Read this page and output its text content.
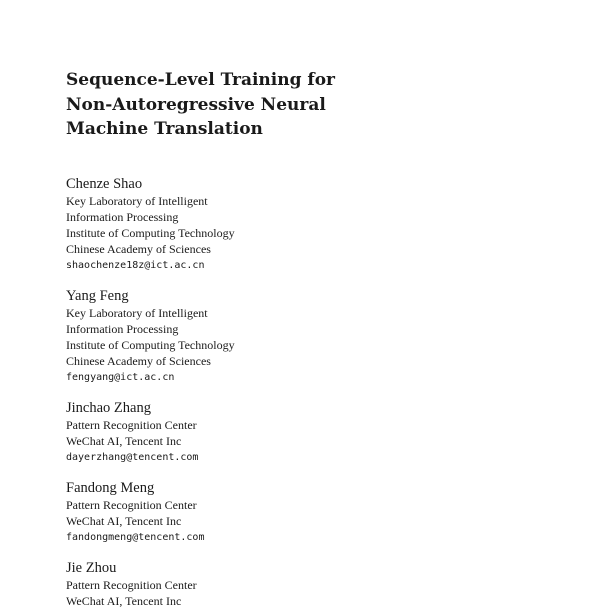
Sequence-Level Training for
Non-Autoregressive Neural
Machine Translation
Chenze Shao
Key Laboratory of Intelligent
Information Processing
Institute of Computing Technology
Chinese Academy of Sciences
shaochenze18z@ict.ac.cn
Yang Feng
Key Laboratory of Intelligent
Information Processing
Institute of Computing Technology
Chinese Academy of Sciences
fengyang@ict.ac.cn
Jinchao Zhang
Pattern Recognition Center
WeChat AI, Tencent Inc
dayerzhang@tencent.com
Fandong Meng
Pattern Recognition Center
WeChat AI, Tencent Inc
fandongmeng@tencent.com
Jie Zhou
Pattern Recognition Center
WeChat AI, Tencent Inc
